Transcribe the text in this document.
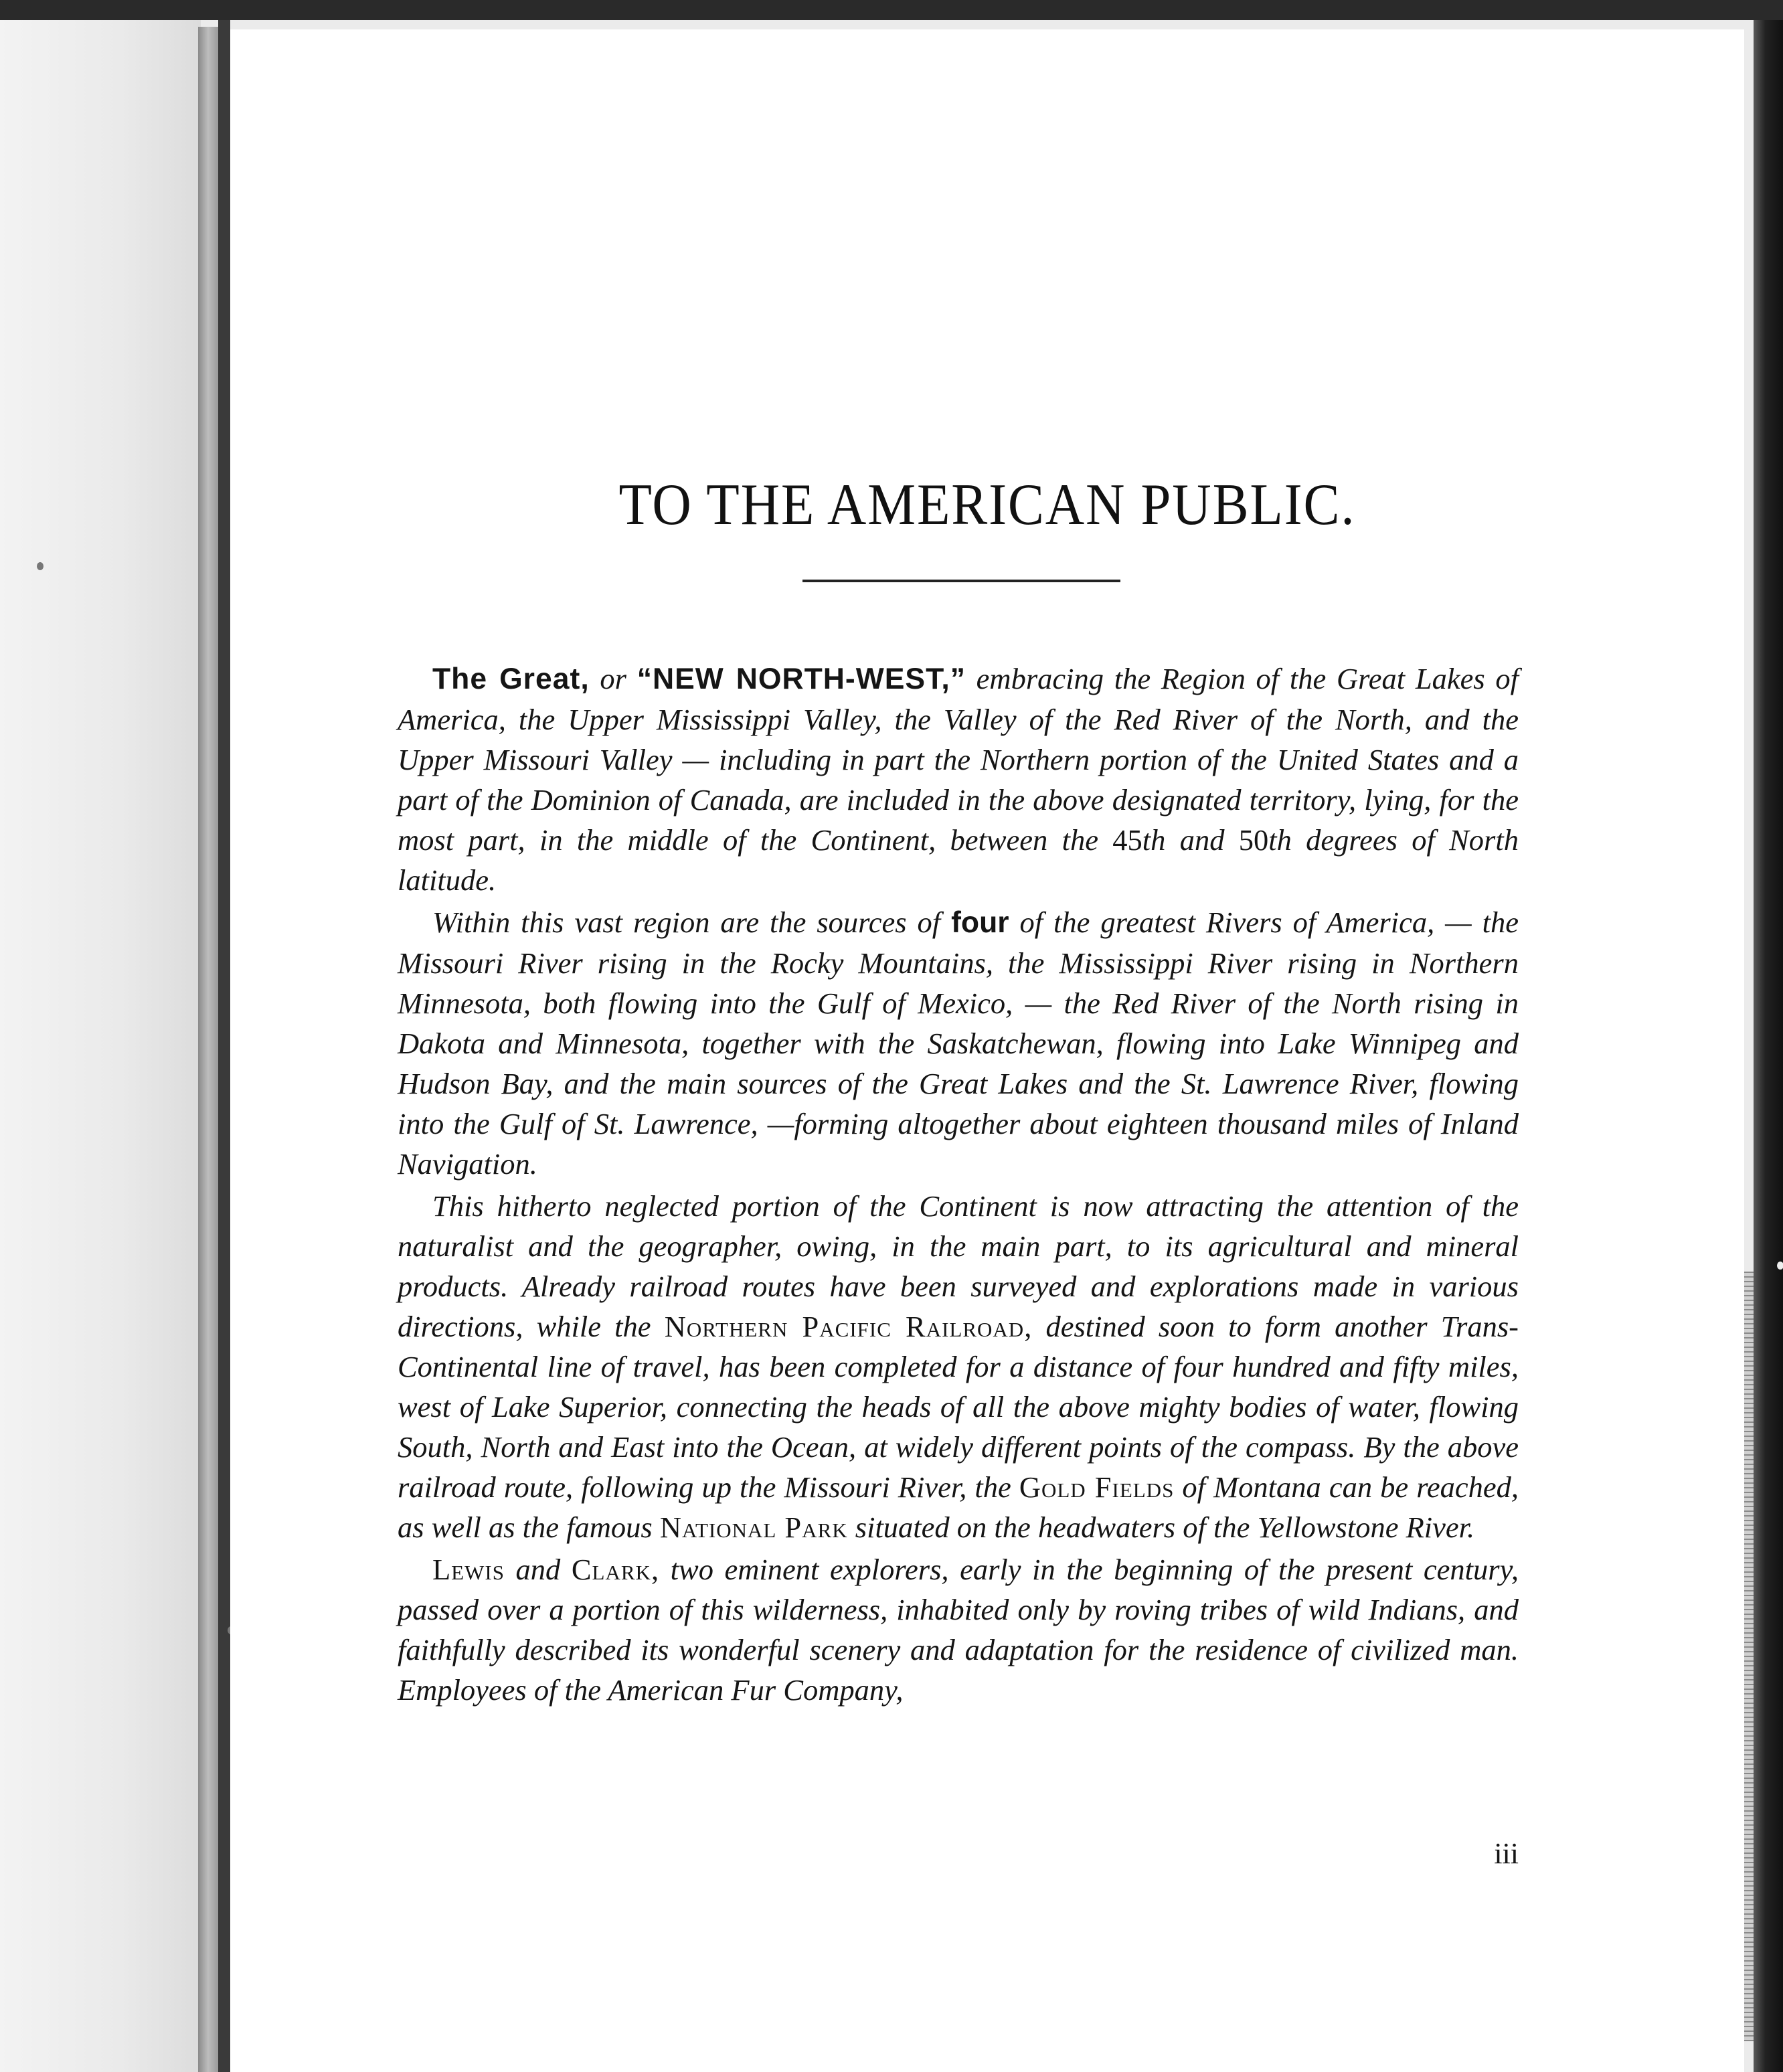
TO THE AMERICAN PUBLIC.

The Great, or “NEW NORTH-WEST,” embracing the Region of the Great Lakes of America, the Upper Mississippi Valley, the Valley of the Red River of the North, and the Upper Missouri Valley — including in part the Northern portion of the United States and a part of the Dominion of Canada, are included in the above designated territory, lying, for the most part, in the middle of the Continent, between the 45th and 50th degrees of North latitude.

Within this vast region are the sources of four of the greatest Rivers of America, — the Missouri River rising in the Rocky Mountains, the Mississippi River rising in Northern Minnesota, both flowing into the Gulf of Mexico, — the Red River of the North rising in Dakota and Minnesota, together with the Saskatchewan, flowing into Lake Winnipeg and Hudson Bay, and the main sources of the Great Lakes and the St. Lawrence River, flowing into the Gulf of St. Lawrence, —forming altogether about eighteen thousand miles of Inland Navigation.

This hitherto neglected portion of the Continent is now attracting the attention of the naturalist and the geographer, owing, in the main part, to its agricultural and mineral products. Already railroad routes have been surveyed and explorations made in various directions, while the Northern Pacific Railroad, destined soon to form another Trans-Continental line of travel, has been completed for a distance of four hundred and fifty miles, west of Lake Superior, connecting the heads of all the above mighty bodies of water, flowing South, North and East into the Ocean, at widely different points of the compass. By the above railroad route, following up the Missouri River, the Gold Fields of Montana can be reached, as well as the famous National Park situated on the headwaters of the Yellowstone River.

Lewis and Clark, two eminent explorers, early in the beginning of the present century, passed over a portion of this wilderness, inhabited only by roving tribes of wild Indians, and faithfully described its wonderful scenery and adaptation for the residence of civilized man. Employees of the American Fur Company,

iii
